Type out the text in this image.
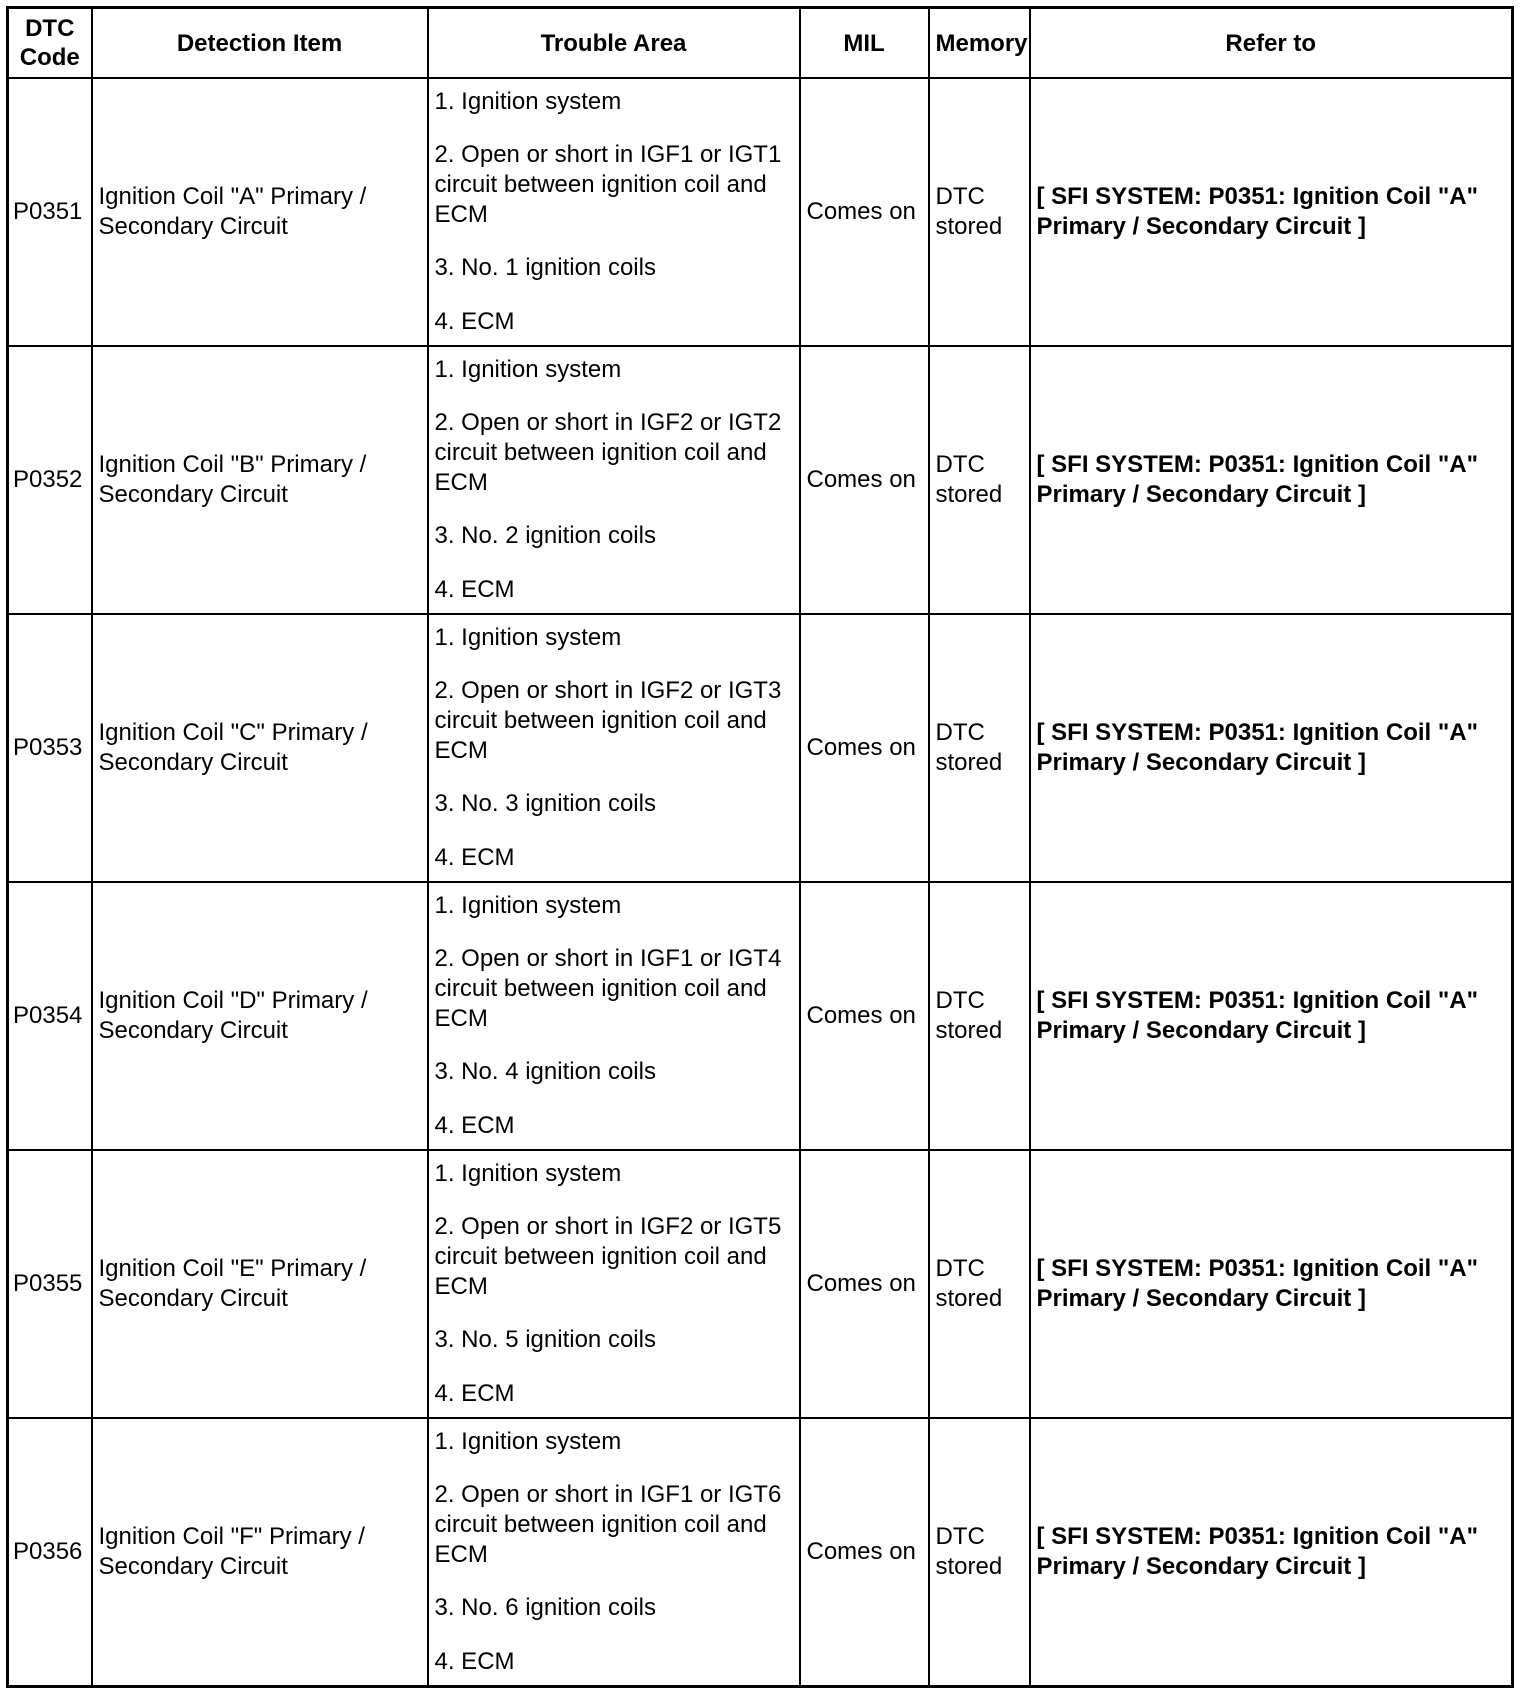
DTC Code	Detection Item	Trouble Area	MIL	Memory	Refer to
P0351	Ignition Coil "A" Primary / Secondary Circuit	1. Ignition system
2. Open or short in IGF1 or IGT1 circuit between ignition coil and ECM
3. No. 1 ignition coils
4. ECM	Comes on	DTC stored	[ SFI SYSTEM: P0351: Ignition Coil "A" Primary / Secondary Circuit ]
P0352	Ignition Coil "B" Primary / Secondary Circuit	1. Ignition system
2. Open or short in IGF2 or IGT2 circuit between ignition coil and ECM
3. No. 2 ignition coils
4. ECM	Comes on	DTC stored	[ SFI SYSTEM: P0351: Ignition Coil "A" Primary / Secondary Circuit ]
P0353	Ignition Coil "C" Primary / Secondary Circuit	1. Ignition system
2. Open or short in IGF2 or IGT3 circuit between ignition coil and ECM
3. No. 3 ignition coils
4. ECM	Comes on	DTC stored	[ SFI SYSTEM: P0351: Ignition Coil "A" Primary / Secondary Circuit ]
P0354	Ignition Coil "D" Primary / Secondary Circuit	1. Ignition system
2. Open or short in IGF1 or IGT4 circuit between ignition coil and ECM
3. No. 4 ignition coils
4. ECM	Comes on	DTC stored	[ SFI SYSTEM: P0351: Ignition Coil "A" Primary / Secondary Circuit ]
P0355	Ignition Coil "E" Primary / Secondary Circuit	1. Ignition system
2. Open or short in IGF2 or IGT5 circuit between ignition coil and ECM
3. No. 5 ignition coils
4. ECM	Comes on	DTC stored	[ SFI SYSTEM: P0351: Ignition Coil "A" Primary / Secondary Circuit ]
P0356	Ignition Coil "F" Primary / Secondary Circuit	1. Ignition system
2. Open or short in IGF1 or IGT6 circuit between ignition coil and ECM
3. No. 6 ignition coils
4. ECM	Comes on	DTC stored	[ SFI SYSTEM: P0351: Ignition Coil "A" Primary / Secondary Circuit ]
